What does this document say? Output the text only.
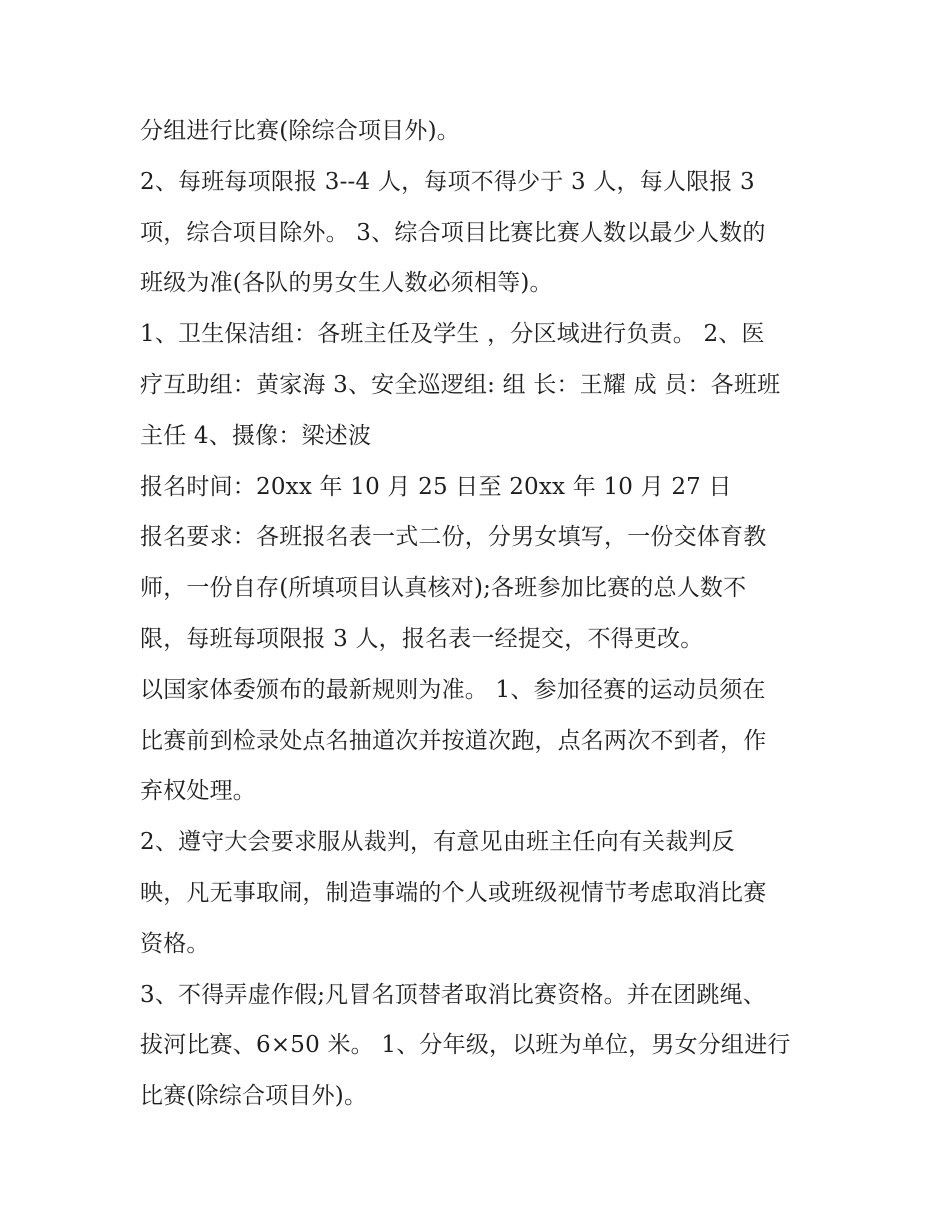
分组进行比赛(除综合项目外)。
2、每班每项限报 3--4 人，每项不得少于 3 人，每人限报 3
项，综合项目除外。 3、综合项目比赛比赛人数以最少人数的
班级为准(各队的男女生人数必须相等)。
1、卫生保洁组：各班主任及学生 ，分区域进行负责。 2、医
疗互助组：黄家海 3、安全巡逻组: 组 长：王耀 成 员：各班班
主任 4、摄像：梁述波
报名时间：20xx 年 10 月 25 日至 20xx 年 10 月 27 日
报名要求：各班报名表一式二份，分男女填写，一份交体育教
师，一份自存(所填项目认真核对);各班参加比赛的总人数不
限，每班每项限报 3 人，报名表一经提交，不得更改。
以国家体委颁布的最新规则为准。 1、参加径赛的运动员须在
比赛前到检录处点名抽道次并按道次跑，点名两次不到者，作
弃权处理。
2、遵守大会要求服从裁判，有意见由班主任向有关裁判反
映，凡无事取闹，制造事端的个人或班级视情节考虑取消比赛
资格。
3、不得弄虚作假;凡冒名顶替者取消比赛资格。并在团跳绳、
拔河比赛、6×50 米。 1、分年级，以班为单位，男女分组进行
比赛(除综合项目外)。
